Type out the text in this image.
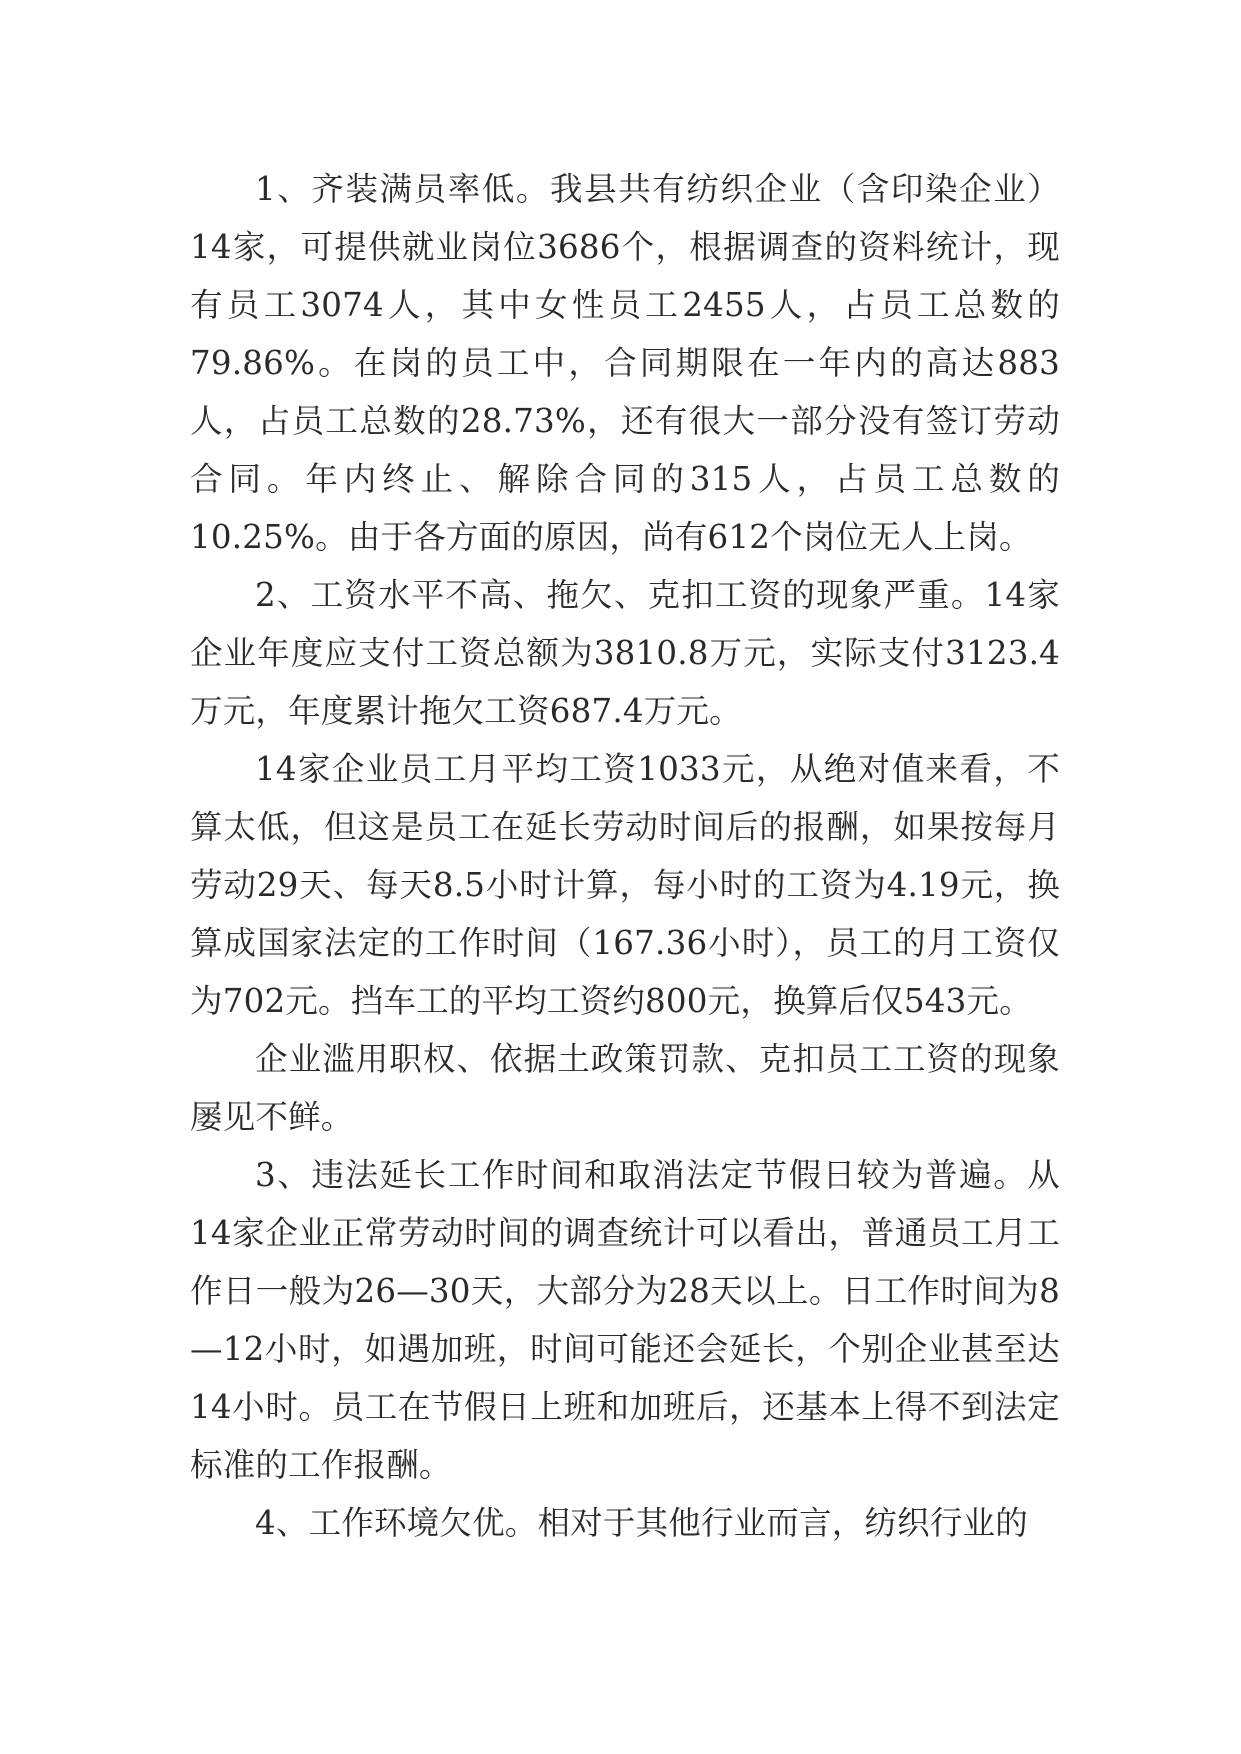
1、齐装满员率低。我县共有纺织企业（含印染企业）14家，可提供就业岗位3686个，根据调查的资料统计，现有员工3074人，其中女性员工2455人，占员工总数的79.86%。在岗的员工中，合同期限在一年内的高达883人，占员工总数的28.73%，还有很大一部分没有签订劳动合同。年内终止、解除合同的315人，占员工总数的10.25%。由于各方面的原因，尚有612个岗位无人上岗。

2、工资水平不高、拖欠、克扣工资的现象严重。14家企业年度应支付工资总额为3810.8万元，实际支付3123.4万元，年度累计拖欠工资687.4万元。

14家企业员工月平均工资1033元，从绝对值来看，不算太低，但这是员工在延长劳动时间后的报酬，如果按每月劳动29天、每天8.5小时计算，每小时的工资为4.19元，换算成国家法定的工作时间（167.36小时），员工的月工资仅为702元。挡车工的平均工资约800元，换算后仅543元。

企业滥用职权、依据土政策罚款、克扣员工工资的现象屡见不鲜。

3、违法延长工作时间和取消法定节假日较为普遍。从14家企业正常劳动时间的调查统计可以看出，普通员工月工作日一般为26—30天，大部分为28天以上。日工作时间为8—12小时，如遇加班，时间可能还会延长，个别企业甚至达14小时。员工在节假日上班和加班后，还基本上得不到法定标准的工作报酬。

4、工作环境欠优。相对于其他行业而言，纺织行业的
